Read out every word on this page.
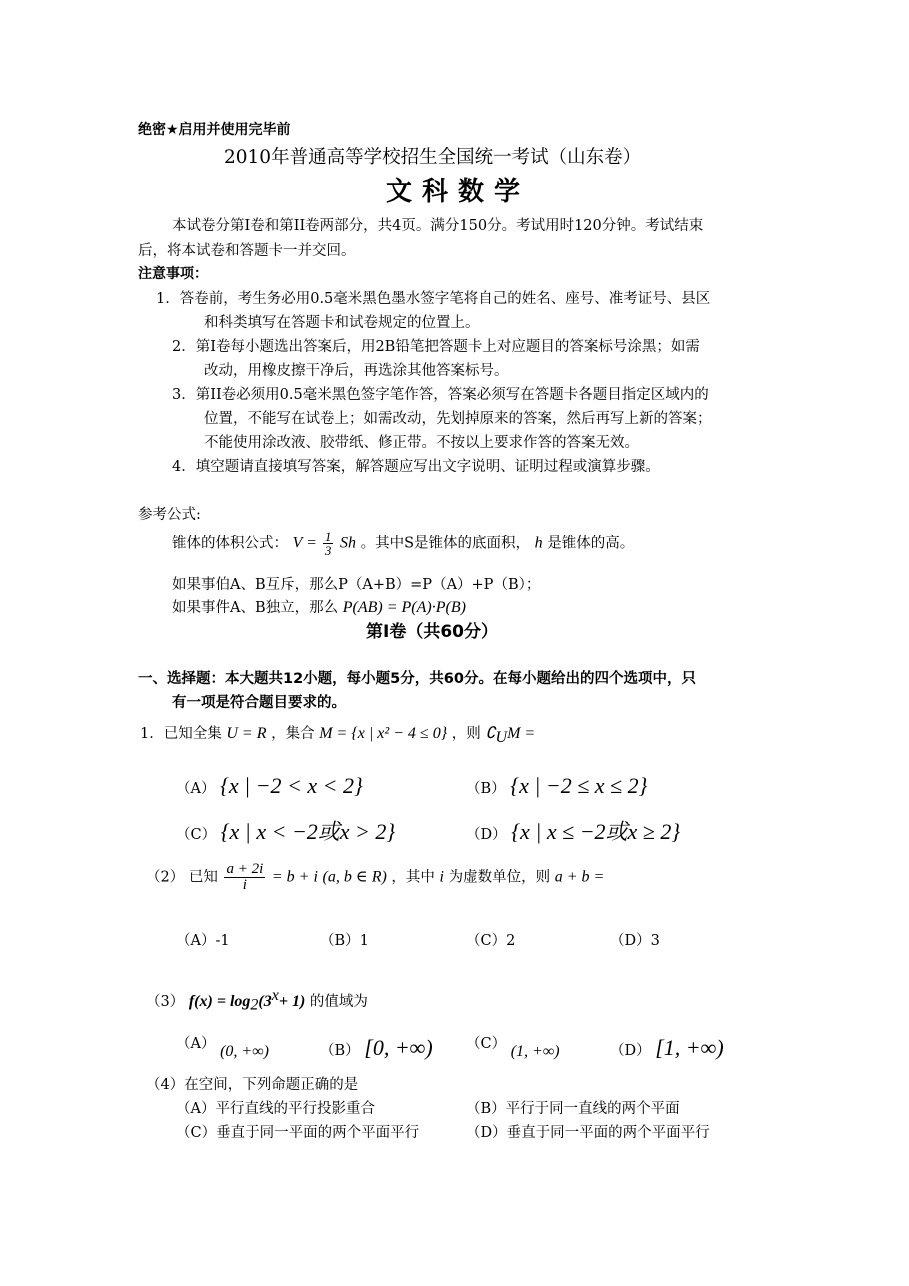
绝密★启用并使用完毕前
2010年普通高等学校招生全国统一考试（山东卷）
文科数学
本试卷分第I卷和第II卷两部分，共4页。满分150分。考试用时120分钟。考试结束
后，将本试卷和答题卡一并交回。
注意事项：
1．答卷前，考生务必用0.5毫米黑色墨水签字笔将自己的姓名、座号、准考证号、县区
和科类填写在答题卡和试卷规定的位置上。
2．第I卷每小题选出答案后，用2B铅笔把答题卡上对应题目的答案标号涂黑；如需
改动，用橡皮擦干净后，再选涂其他答案标号。
3．第II卷必须用0.5毫米黑色签字笔作答，答案必须写在答题卡各题目指定区域内的
位置，不能写在试卷上；如需改动，先划掉原来的答案，然后再写上新的答案；
不能使用涂改液、胶带纸、修正带。不按以上要求作答的答案无效。
4．填空题请直接填写答案，解答题应写出文字说明、证明过程或演算步骤。
参考公式:
锥体的体积公式： $V = \frac{1}{3}$ Sh 。其中S是锥体的底面积， h 是锥体的高。
如果事伯A、B互斥，那么P（A+B）=P（A）+P（B）；
如果事件A、B独立，那么 P(AB) = P(A)·P(B)
第Ⅰ卷（共60分）
一、选择题：本大题共12小题，每小题5分，共60分。在每小题给出的四个选项中，只
有一项是符合题目要求的。
1．已知全集 U = R ，集合 M = {x | x² − 4 ≤ 0} ，则 $∁_UM$ =
（A） {x | −2 < x < 2}	（B） {x | −2 ≤ x ≤ 2}
（C） {x | x < −2或x > 2}	（D） {x | x ≤ −2或x ≥ 2}
（2） 已知 $\frac{a + 2i}{i} = b + i$ (a, b ∈ R) ，其中 i 为虚数单位，则 a + b =
（A）-1	（B）1	（C）2	（D）3
（3） $f(x) = \log_2(3^x+ 1)$ 的值域为
（A） (0, +∞)	（B） [0, +∞) （C） (1, +∞)	（D） [1, +∞)
（4）在空间，下列命题正确的是
（A）平行直线的平行投影重合	（B）平行于同一直线的两个平面
（C）垂直于同一平面的两个平面平行	（D）垂直于同一平面的两个平面平行
